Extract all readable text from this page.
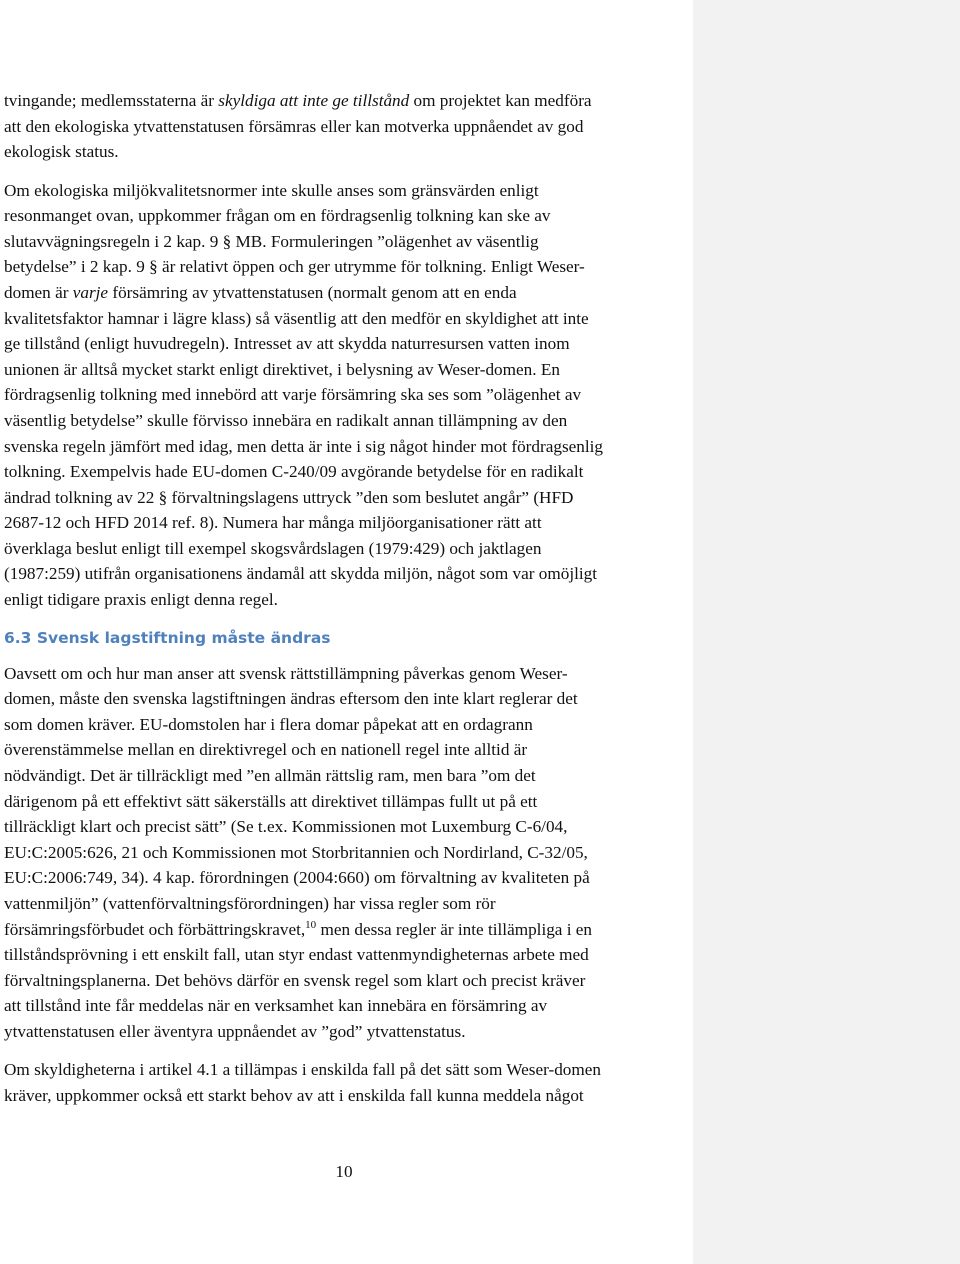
tvingande; medlemsstaterna är skyldiga att inte ge tillstånd om projektet kan medföra

att den ekologiska ytvattenstatusen försämras eller kan motverka uppnåendet av god

ekologisk status.

Om ekologiska miljökvalitetsnormer inte skulle anses som gränsvärden enligt

resonmanget ovan, uppkommer frågan om en fördragsenlig tolkning kan ske av

slutavvägningsregeln i 2 kap. 9 § MB. Formuleringen ”olägenhet av väsentlig

betydelse” i 2 kap. 9 § är relativt öppen och ger utrymme för tolkning. Enligt Weser-

domen är varje försämring av ytvattenstatusen (normalt genom att en enda

kvalitetsfaktor hamnar i lägre klass) så väsentlig att den medför en skyldighet att inte

ge tillstånd (enligt huvudregeln). Intresset av att skydda naturresursen vatten inom

unionen är alltså mycket starkt enligt direktivet, i belysning av Weser-domen. En

fördragsenlig tolkning med innebörd att varje försämring ska ses som ”olägenhet av

väsentlig betydelse” skulle förvisso innebära en radikalt annan tillämpning av den

svenska regeln jämfört med idag, men detta är inte i sig något hinder mot fördragsenlig

tolkning. Exempelvis hade EU-domen C-240/09 avgörande betydelse för en radikalt

ändrad tolkning av 22 § förvaltningslagens uttryck ”den som beslutet angår” (HFD

2687-12 och HFD 2014 ref. 8). Numera har många miljöorganisationer rätt att

överklaga beslut enligt till exempel skogsvårdslagen (1979:429) och jaktlagen

(1987:259) utifrån organisationens ändamål att skydda miljön, något som var omöjligt

enligt tidigare praxis enligt denna regel.

6.3 Svensk lagstiftning måste ändras

Oavsett om och hur man anser att svensk rättstillämpning påverkas genom Weser-

domen, måste den svenska lagstiftningen ändras eftersom den inte klart reglerar det

som domen kräver. EU-domstolen har i flera domar påpekat att en ordagrann

överenstämmelse mellan en direktivregel och en nationell regel inte alltid är

nödvändigt. Det är tillräckligt med ”en allmän rättslig ram, men bara ”om det

därigenom på ett effektivt sätt säkerställs att direktivet tillämpas fullt ut på ett

tillräckligt klart och precist sätt” (Se t.ex. Kommissionen mot Luxemburg C-6/04,

EU:C:2005:626, 21 och Kommissionen mot Storbritannien och Nordirland, C-32/05,

EU:C:2006:749, 34). 4 kap. förordningen (2004:660) om förvaltning av kvaliteten på

vattenmiljön” (vattenförvaltningsförordningen) har vissa regler som rör

försämringsförbudet och förbättringskravet,$^{10}$ men dessa regler är inte tillämpliga i en

tillståndsprövning i ett enskilt fall, utan styr endast vattenmyndigheternas arbete med

förvaltningsplanerna. Det behövs därför en svensk regel som klart och precist kräver

att tillstånd inte får meddelas när en verksamhet kan innebära en försämring av

ytvattenstatusen eller äventyra uppnåendet av ”god” ytvattenstatus.

Om skyldigheterna i artikel 4.1 a tillämpas i enskilda fall på det sätt som Weser-domen

kräver, uppkommer också ett starkt behov av att i enskilda fall kunna meddela något

10
